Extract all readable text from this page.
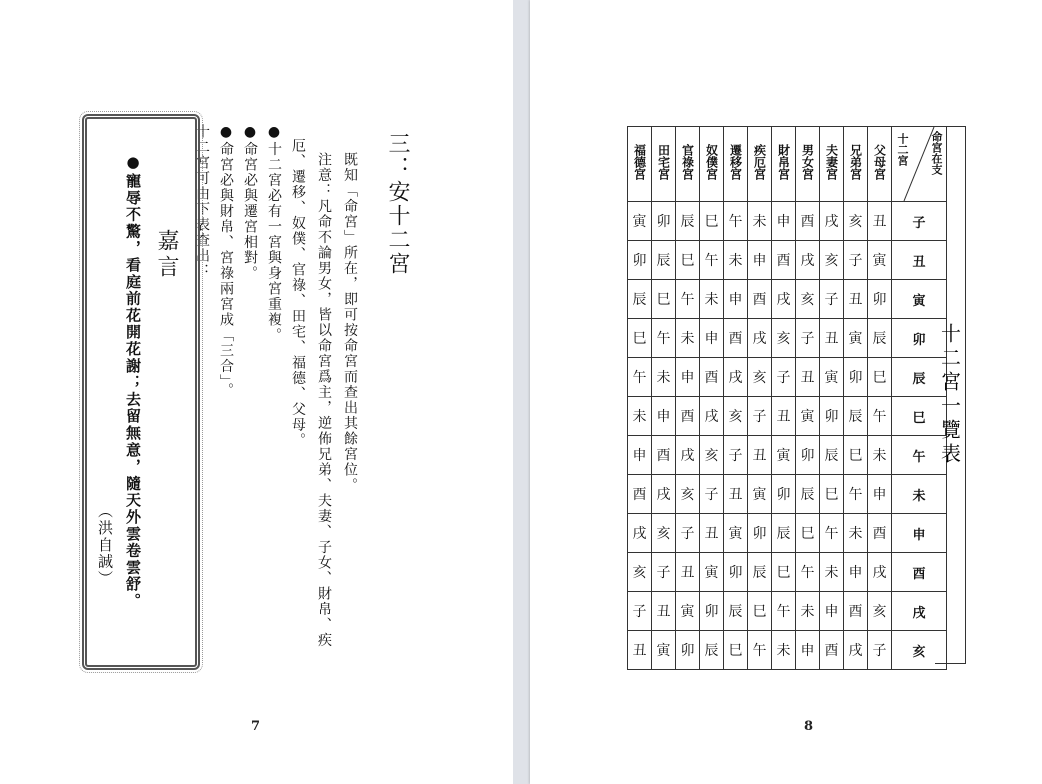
三：安十二宮
既知「命宮」所在，即可按命宮而查出其餘宮位。
注意：凡命不論男女，皆以命宮爲主，逆佈兄弟、夫妻、子女、財帛、疾
厄、遷移、奴僕、官祿、田宅、福德、父母。
●十二宮必有一宮與身宮重複。
●命宮必與遷宮相對。
●命宮必與財帛、宮祿兩宮成「三合」。
十二宮可由下表查出：
嘉言
●寵辱不驚，看庭前花開花謝；去留無意，隨天外雲卷雲舒。
（洪自誠）
7	8
福德宮	田宅宮	官祿宮	奴僕宮	遷移宮	疾厄宮	財帛宮	男女宮	夫妻宮	兄弟宮	父母宮	十二宮 命宮在支

寅	卯	辰	巳	午	未	申	酉	戌	亥	丑	子
卯	辰	巳	午	未	申	酉	戌	亥	子	寅	丑
辰	巳	午	未	申	酉	戌	亥	子	丑	卯	寅
巳	午	未	申	酉	戌	亥	子	丑	寅	辰	卯
午	未	申	酉	戌	亥	子	丑	寅	卯	巳	辰
未	申	酉	戌	亥	子	丑	寅	卯	辰	午	巳
申	酉	戌	亥	子	丑	寅	卯	辰	巳	未	午
酉	戌	亥	子	丑	寅	卯	辰	巳	午	申	未
戌	亥	子	丑	寅	卯	辰	巳	午	未	酉	申
亥	子	丑	寅	卯	辰	巳	午	未	申	戌	酉
子	丑	寅	卯	辰	巳	午	未	申	酉	亥	戌
丑	寅	卯	辰	巳	午	未	申	酉	戌	子	亥
十二宮一覽表
